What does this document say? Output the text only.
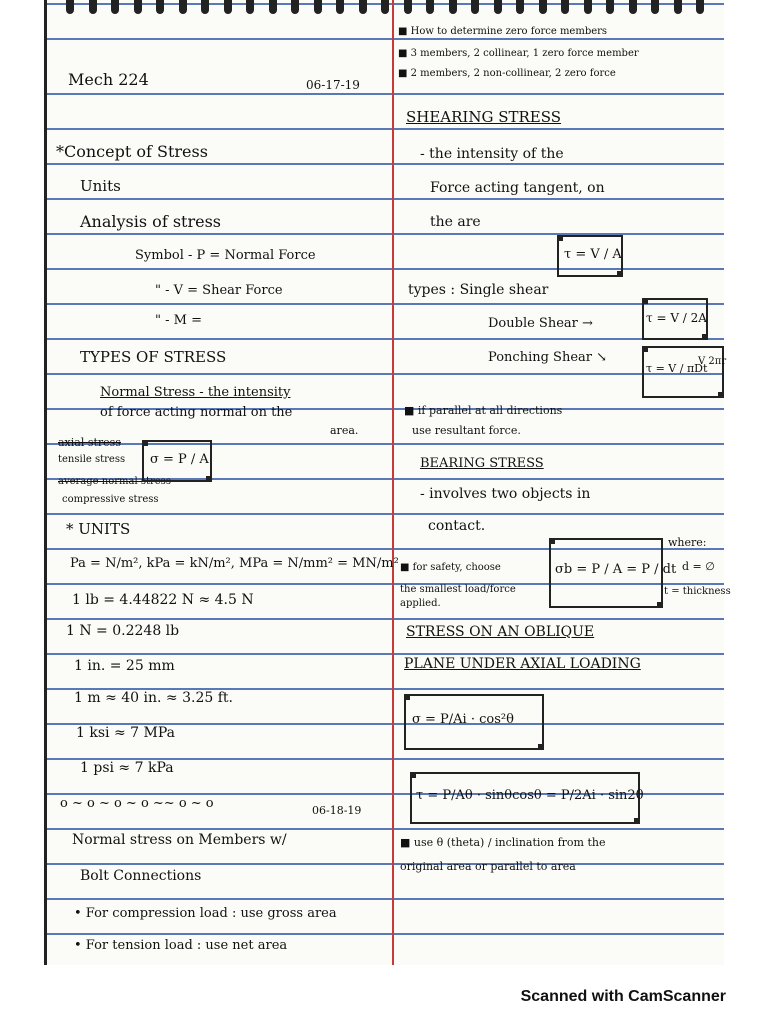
Mech 224	06-17-19
*Concept of Stress
Units
Analysis of stress
Symbol - P = Normal Force
" - V = Shear Force
" - M =
TYPES OF STRESS
Normal Stress - the intensity
of force acting normal on the
area.
axial stress
tensile stress
average normal stress
compressive stress
σ = P / A
* UNITS
Pa = N/m², kPa = kN/m², MPa = N/mm² = MN/m²
1 lb = 4.44822 N ≈ 4.5 N
1 N = 0.2248 lb
1 in. = 25 mm
1 m ≈ 40 in. ≈ 3.25 ft.
1 ksi ≈ 7 MPa
1 psi ≈ 7 kPa
o ~ o ~ o ~ o ~~ o ~ o	06-18-19
Normal stress on Members w/
Bolt Connections
• For compression load : use gross area
• For tension load : use net area
■ How to determine zero force members
■ 3 members, 2 collinear, 1 zero force member
■ 2 members, 2 non-collinear, 2 zero force
SHEARING STRESS
- the intensity of the
Force acting tangent, on
the are
τ = V / A
types : Single shear
Double Shear →	τ = V / 2A
Ponching Shear ↘
τ = V / πDt
V 2πr
■ if parallel at all directions
use resultant force.
BEARING STRESS
- involves two objects in
contact.
■ for safety, choose
the smallest load/force
applied.
σb = P / A = P / dt
where:
d = ∅
t = thickness
STRESS ON AN OBLIQUE
PLANE UNDER AXIAL LOADING
σ = P/Ai · cos²θ
τ = P/Aθ · sinθcosθ = P/2Ai · sin2θ
■ use θ (theta) / inclination from the
original area or parallel to area
Scanned with CamScanner
